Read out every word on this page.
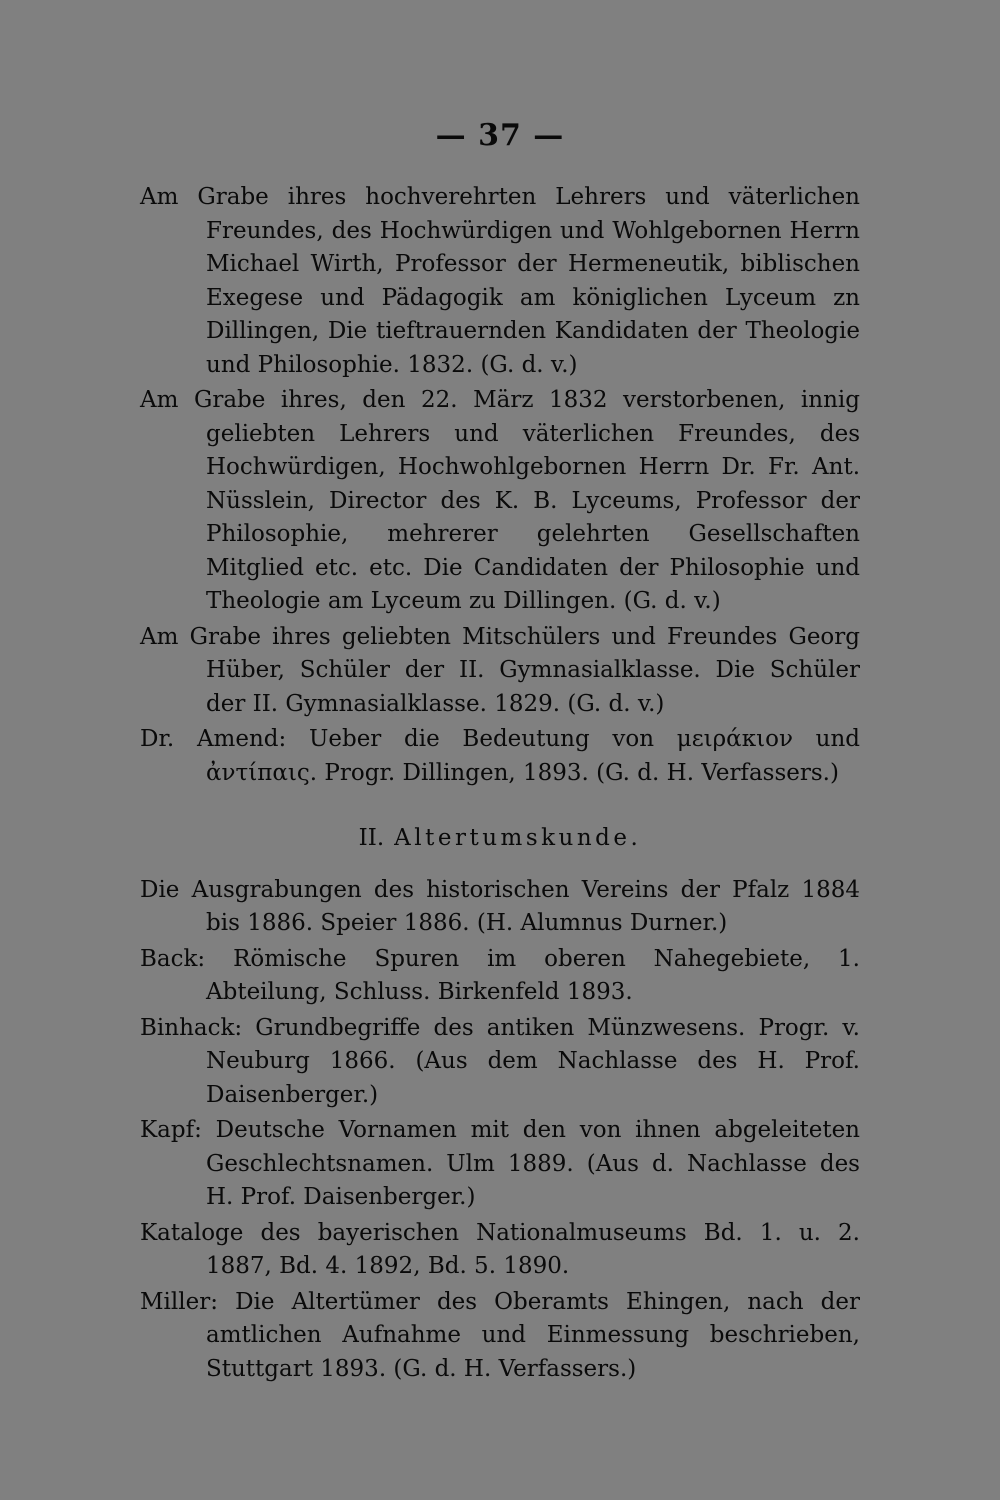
— 37 —
Am Grabe ihres hochverehrten Lehrers und väterlichen Freundes, des Hochwürdigen und Wohlgebornen Herrn Michael Wirth, Professor der Hermeneutik, biblischen Exegese und Pädagogik am königlichen Lyceum zn Dillingen, Die tieftrauernden Kandidaten der Theologie und Philosophie. 1832. (G. d. v.)
Am Grabe ihres, den 22. März 1832 verstorbenen, innig geliebten Lehrers und väterlichen Freundes, des Hochwürdigen, Hochwohlgebornen Herrn Dr. Fr. Ant. Nüsslein, Director des K. B. Lyceums, Professor der Philosophie, mehrerer gelehrten Gesellschaften Mitglied etc. etc. Die Candidaten der Philosophie und Theologie am Lyceum zu Dillingen. (G. d. v.)
Am Grabe ihres geliebten Mitschülers und Freundes Georg Hüber, Schüler der II. Gymnasialklasse. Die Schüler der II. Gymnasialklasse. 1829. (G. d. v.)
Dr. Amend: Ueber die Bedeutung von μειράκιον und ἀντίπαις. Progr. Dillingen, 1893. (G. d. H. Verfassers.)
II. Altertumskunde.
Die Ausgrabungen des historischen Vereins der Pfalz 1884 bis 1886. Speier 1886. (H. Alumnus Durner.)
Back: Römische Spuren im oberen Nahegebiete, 1. Abteilung, Schluss. Birkenfeld 1893.
Binhack: Grundbegriffe des antiken Münzwesens. Progr. v. Neuburg 1866. (Aus dem Nachlasse des H. Prof. Daisenberger.)
Kapf: Deutsche Vornamen mit den von ihnen abgeleiteten Geschlechtsnamen. Ulm 1889. (Aus d. Nachlasse des H. Prof. Daisenberger.)
Kataloge des bayerischen Nationalmuseums Bd. 1. u. 2. 1887, Bd. 4. 1892, Bd. 5. 1890.
Miller: Die Altertümer des Oberamts Ehingen, nach der amtlichen Aufnahme und Einmessung beschrieben, Stuttgart 1893. (G. d. H. Verfassers.)
